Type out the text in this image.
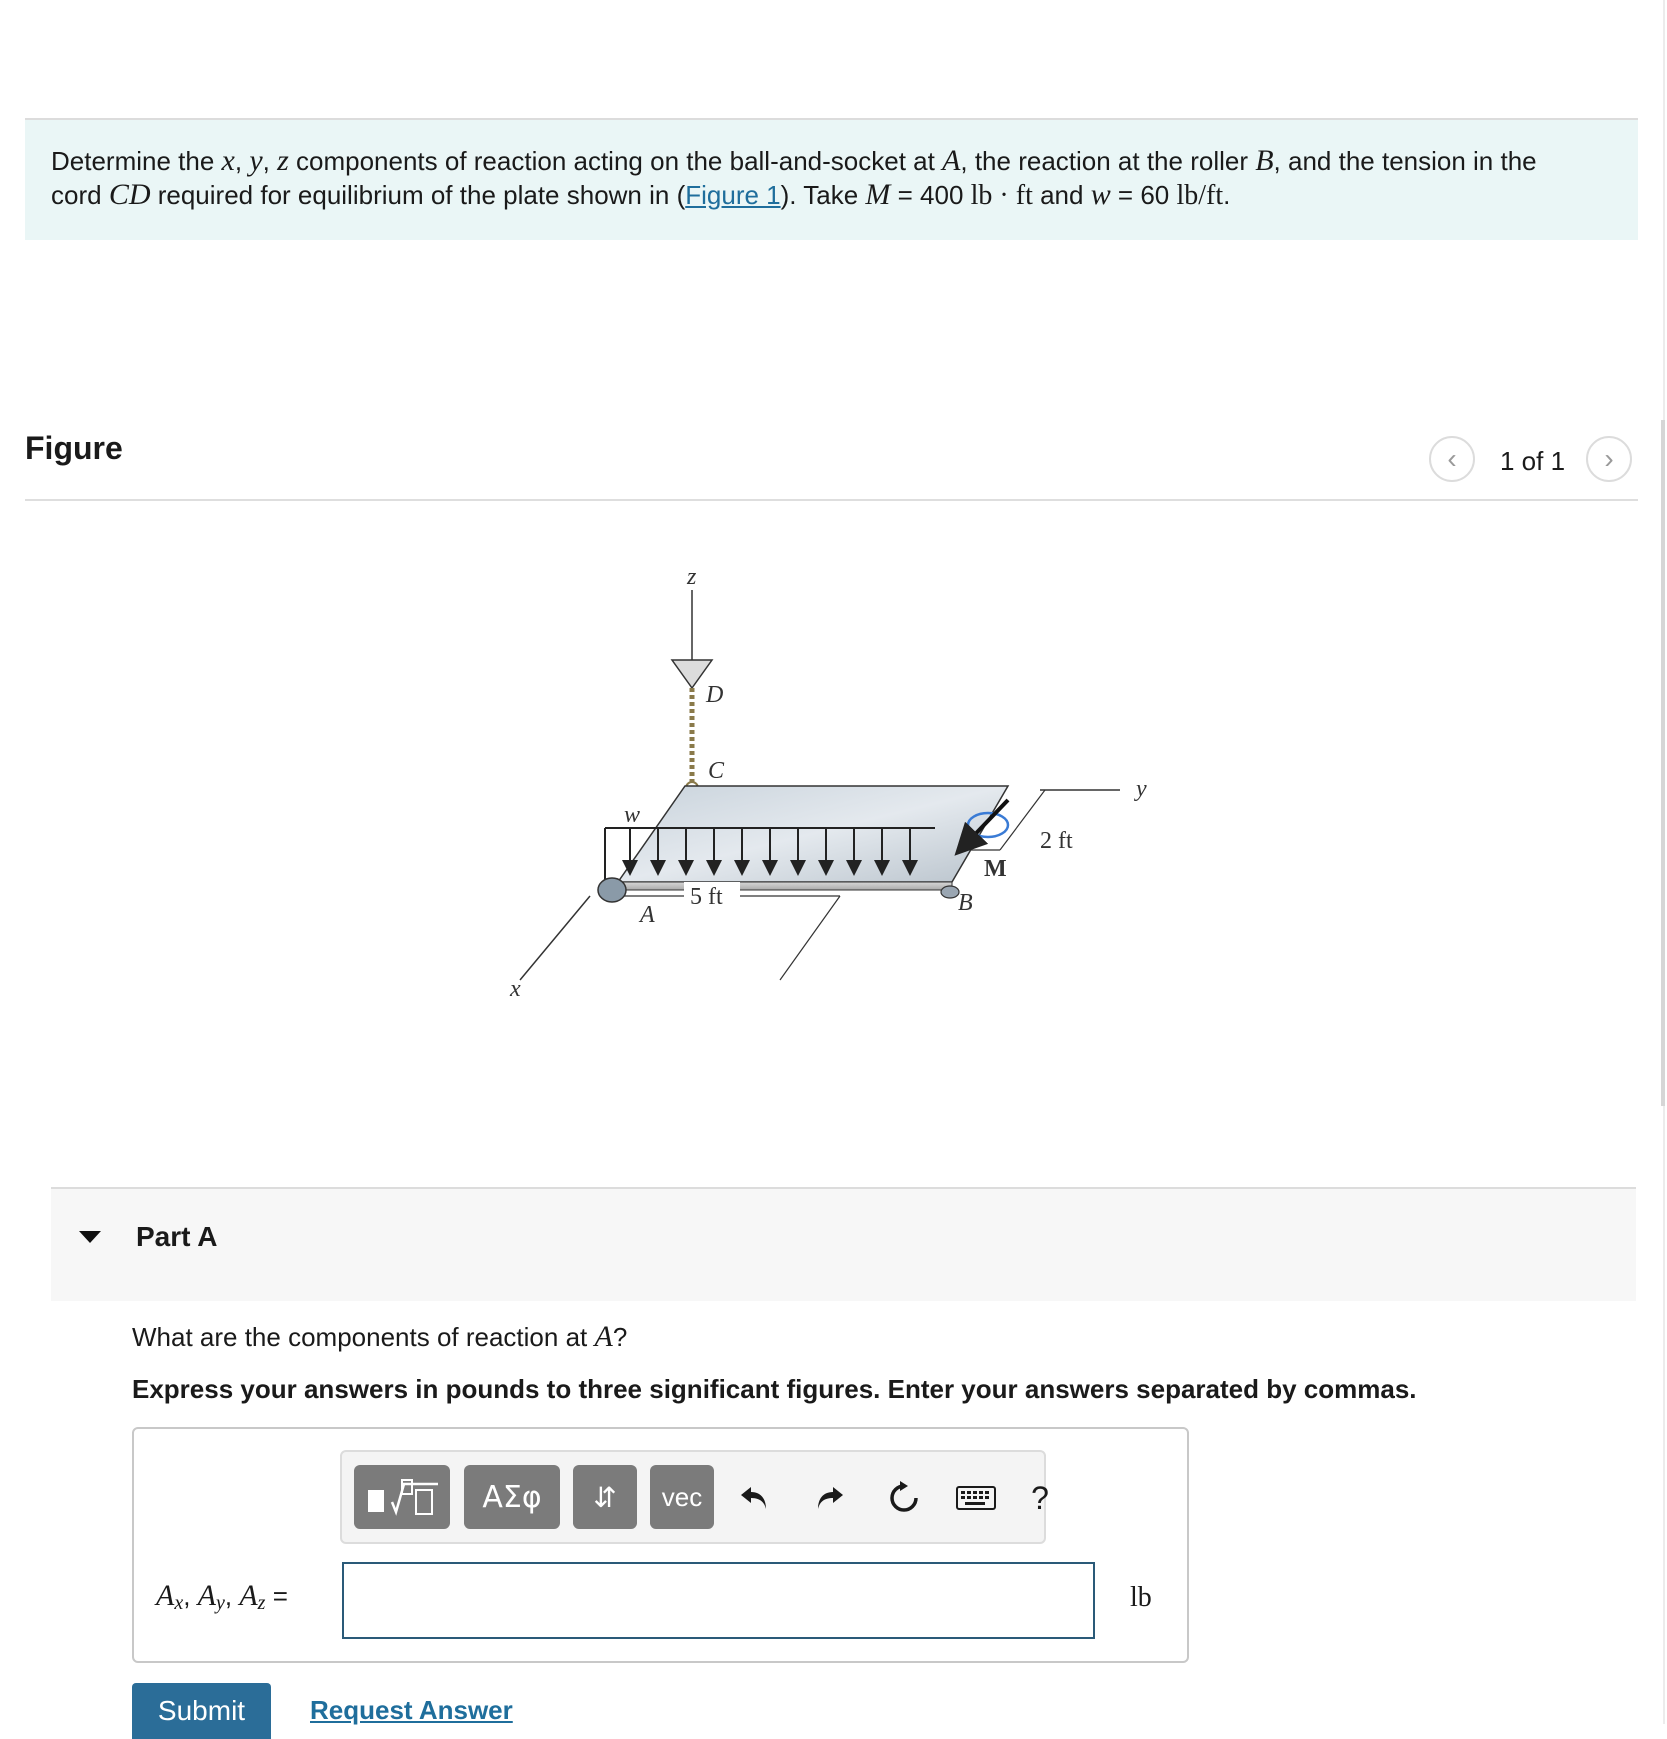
Determine the x, y, z components of reaction acting on the ball-and-socket at A, the reaction at the roller B, and the tension in the
cord CD required for equilibrium of the plate shown in (Figure 1). Take M = 400 lb · ft and w = 60 lb/ft.
Figure	‹ 1 of 1 ›
z
D
C
w
y
B
A
x
2 ft
M
5 ft
Part A
What are the components of reaction at A?
Express your answers in pounds to three significant figures. Enter your answers separated by commas.
ΑΣφ	⇵	vec	?
$A_x$, $A_y$, $A_z$ =	lb
Submit	Request Answer
